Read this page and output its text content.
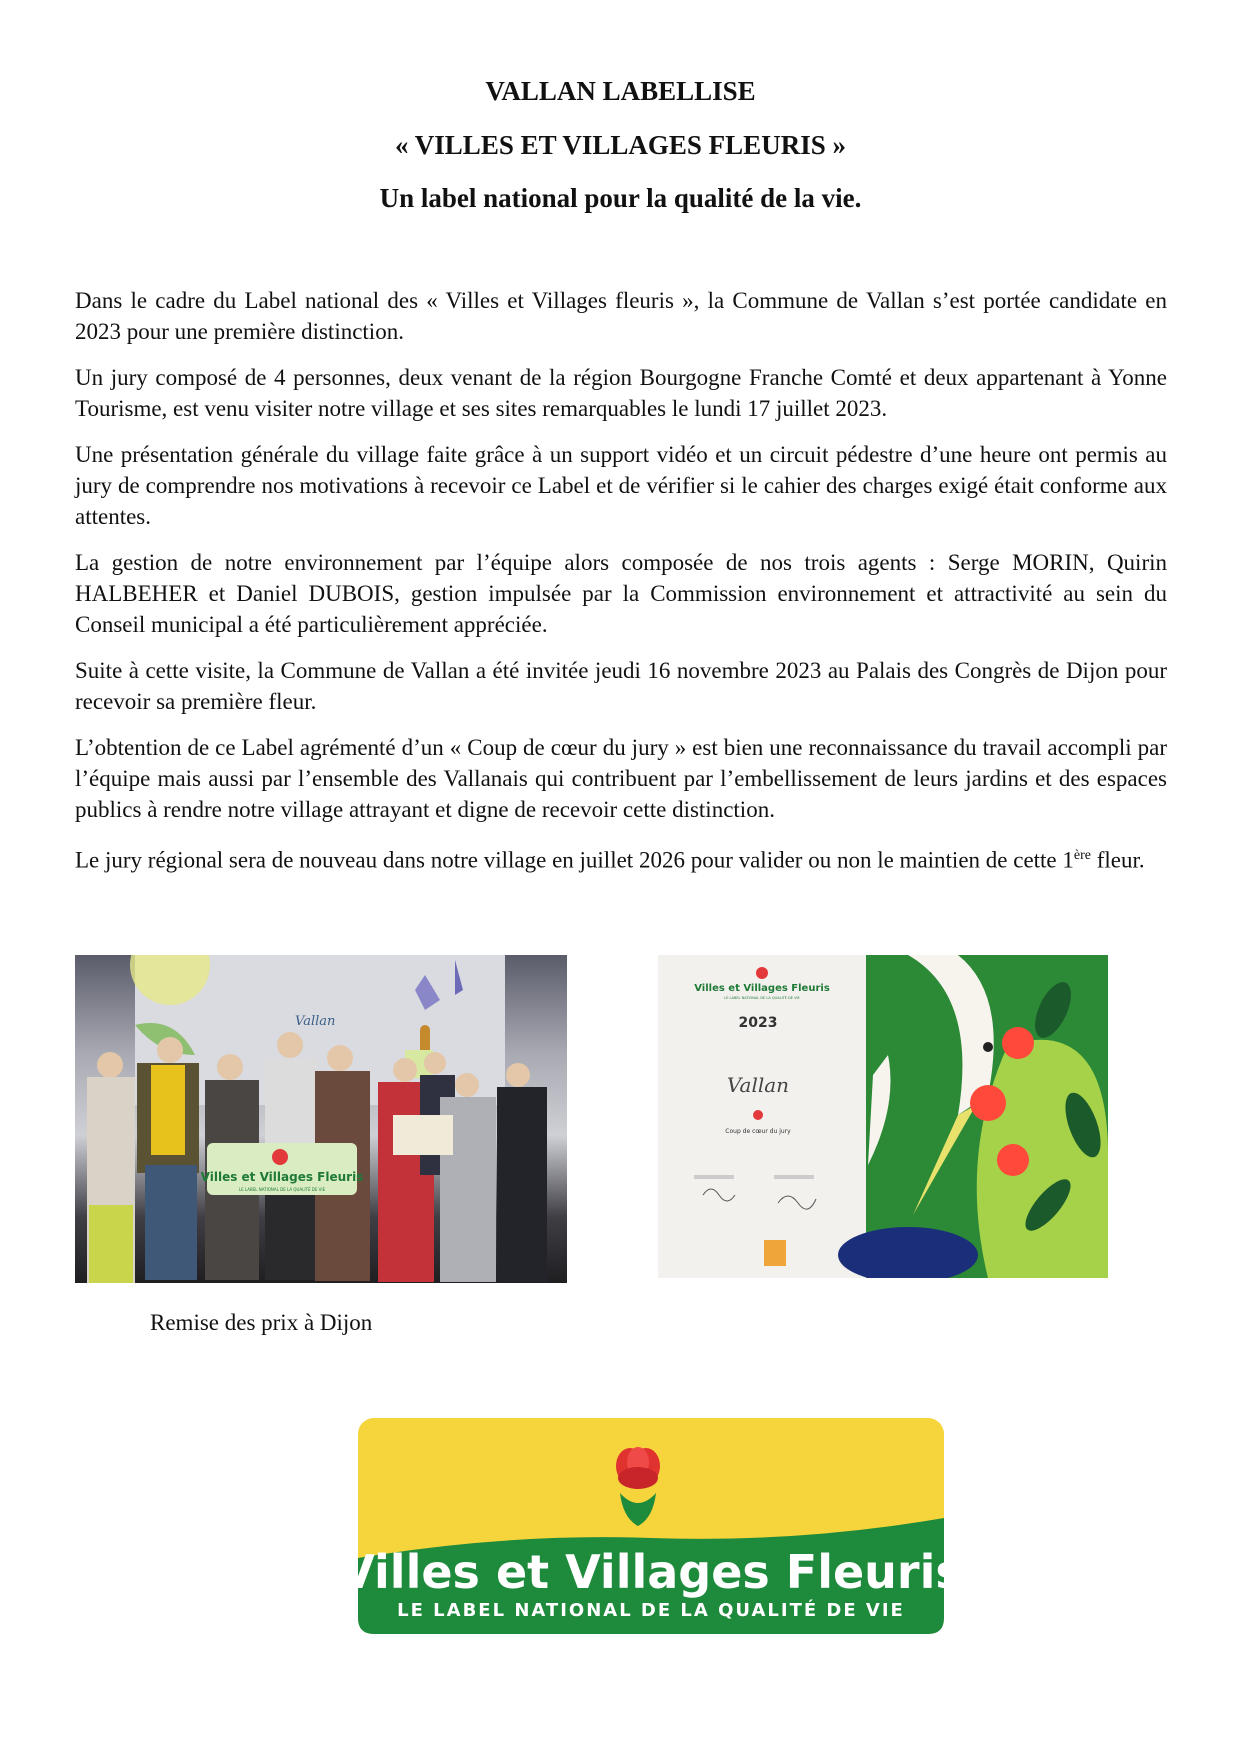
VALLAN LABELLISE
« VILLES ET VILLAGES FLEURIS »
Un label national pour la qualité de la vie.

Dans le cadre du Label national des « Villes et Villages fleuris », la Commune de Vallan s’est portée candidate en 2023 pour une première distinction.

Un jury composé de 4 personnes, deux venant de la région Bourgogne Franche Comté et deux appartenant à Yonne Tourisme, est venu visiter notre village et ses sites remarquables le lundi 17 juillet 2023.

Une présentation générale du village faite grâce à un support vidéo et un circuit pédestre d’une heure ont permis au jury de comprendre nos motivations à recevoir ce Label et de vérifier si le cahier des charges exigé était conforme aux attentes.

La gestion de notre environnement par l’équipe alors composée de nos trois agents : Serge MORIN, Quirin HALBEHER et Daniel DUBOIS, gestion impulsée par la Commission environnement et attractivité au sein du Conseil municipal a été particulièrement appréciée.

Suite à cette visite, la Commune de Vallan a été invitée jeudi 16 novembre 2023 au Palais des Congrès de Dijon pour recevoir sa première fleur.

L’obtention de ce Label agrémenté d’un « Coup de cœur du jury » est bien une reconnaissance du travail accompli par l’équipe mais aussi par l’ensemble des Vallanais qui contribuent par l’embellissement de leurs jardins et des espaces publics à rendre notre village attrayant et digne de recevoir cette distinction.

Le jury régional sera de nouveau dans notre village en juillet 2026 pour valider ou non le maintien de cette 1ère fleur.

Vallan
Villes et Villages Fleuris
LE LABEL NATIONAL DE LA QUALITÉ DE VIE
Villes et Villages Fleuris
LE LABEL NATIONAL DE LA QUALITÉ DE VIE
2023
Vallan
Coup de cœur du jury
Remise des prix à Dijon
Villes et Villages Fleuris
LE LABEL NATIONAL DE LA QUALITÉ DE VIE
